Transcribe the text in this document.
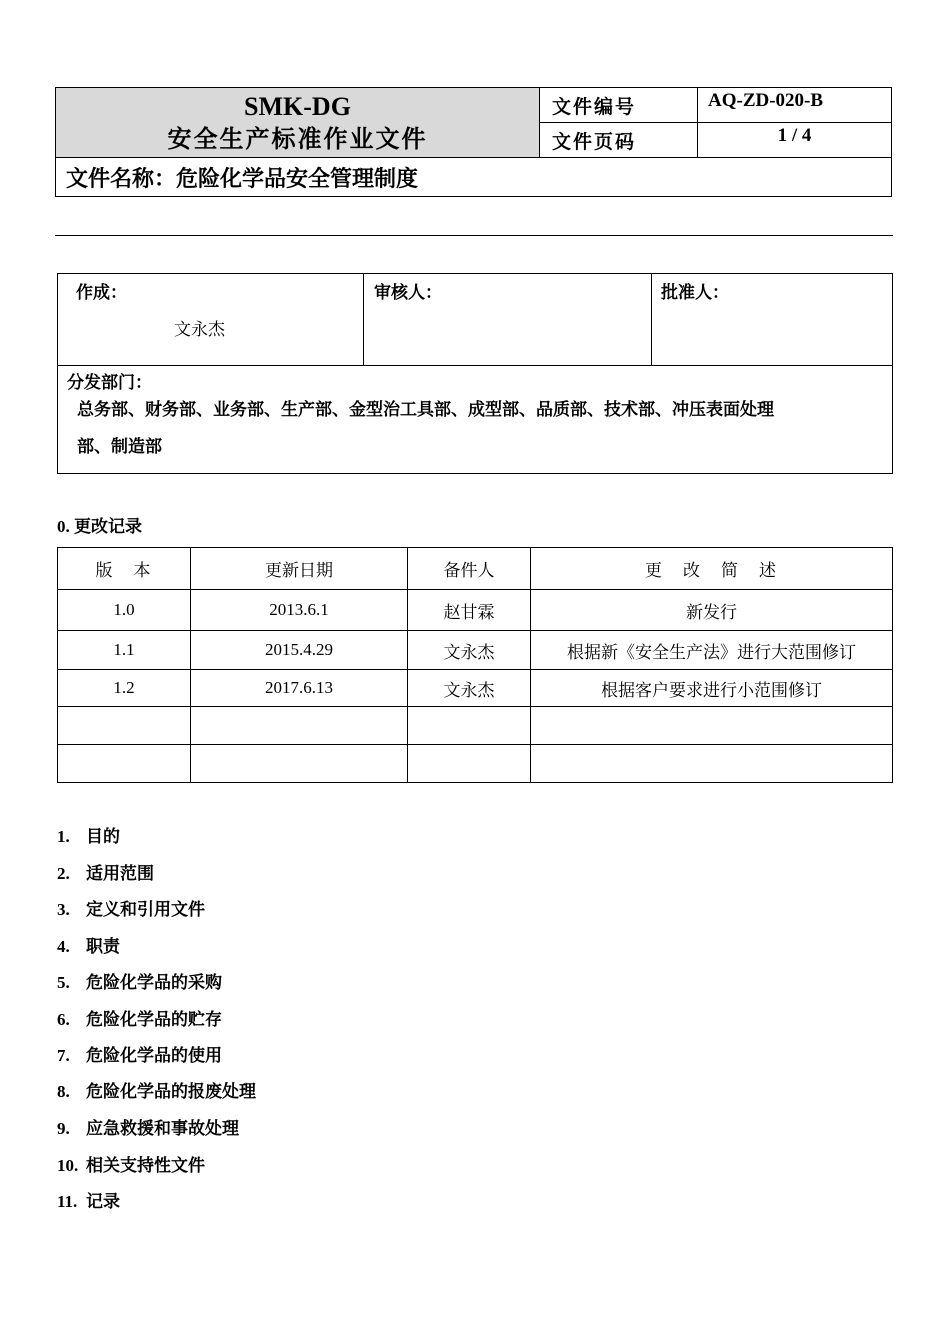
SMK-DG
安全生产标准作业文件	文件编号	AQ-ZD-020-B
	文件页码	1 / 4
文件名称：危险化学品安全管理制度		
作成：
文永杰

审核人：	批准人：

分发部门：
总务部、财务部、业务部、生产部、金型治工具部、成型部、品质部、技术部、冲压表面处理
部、制造部
0. 更改记录
版　本	更新日期	备件人	更　改　简　述
1.0	2013.6.1	赵甘霖	新发行
1.1	2015.4.29	文永杰	根据新《安全生产法》进行大范围修订
1.2	2017.6.13	文永杰	根据客户要求进行小范围修订

1. 目的
2. 适用范围
3. 定义和引用文件
4. 职责
5. 危险化学品的采购
6. 危险化学品的贮存
7. 危险化学品的使用
8. 危险化学品的报废处理
9. 应急救援和事故处理
10. 相关支持性文件
11. 记录
